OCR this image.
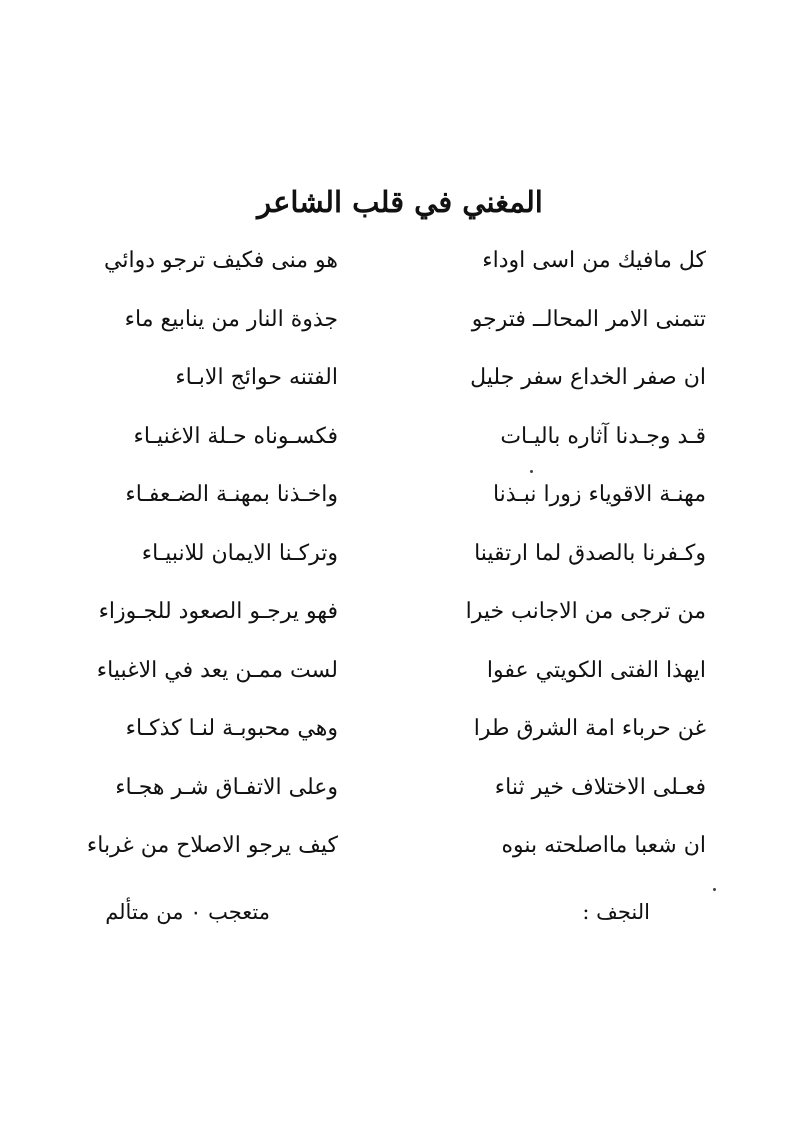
المغني في قلب الشاعر
كل مافيك من اسى اوداء
هو منى فكيف ترجو دوائي
تتمنى الامر المحالــ فترجو
جذوة النار من ينابيع ماء
ان صفر الخداع سفر جليل
الفتنه حوائج الابـاء
قـد وجـدنا آثاره باليـات
فكسـوناه حـلة الاغنيـاء
مهنـة الاقوياء زورا نبـذنا
واخـذنا بمهنـة الضـعفـاء
وكـفرنا بالصدق لما ارتقينا
وتركـنا الايمان للانبيـاء
من ترجى من الاجانب خيرا
فهو يرجـو الصعود للجـوزاء
ايهذا الفتى الكويتي عفوا
لست ممـن يعد في الاغبياء
غن حرباء امة الشرق طرا
وهي محبوبـة لنـا كذكـاء
فعـلى الاختلاف خير ثناء
وعلى الاتفـاق شـر هجـاء
ان شعبا مااصلحته بنوه
كيف يرجو الاصلاح من غرباء
النجف :
متعجب ٠ من متألم
